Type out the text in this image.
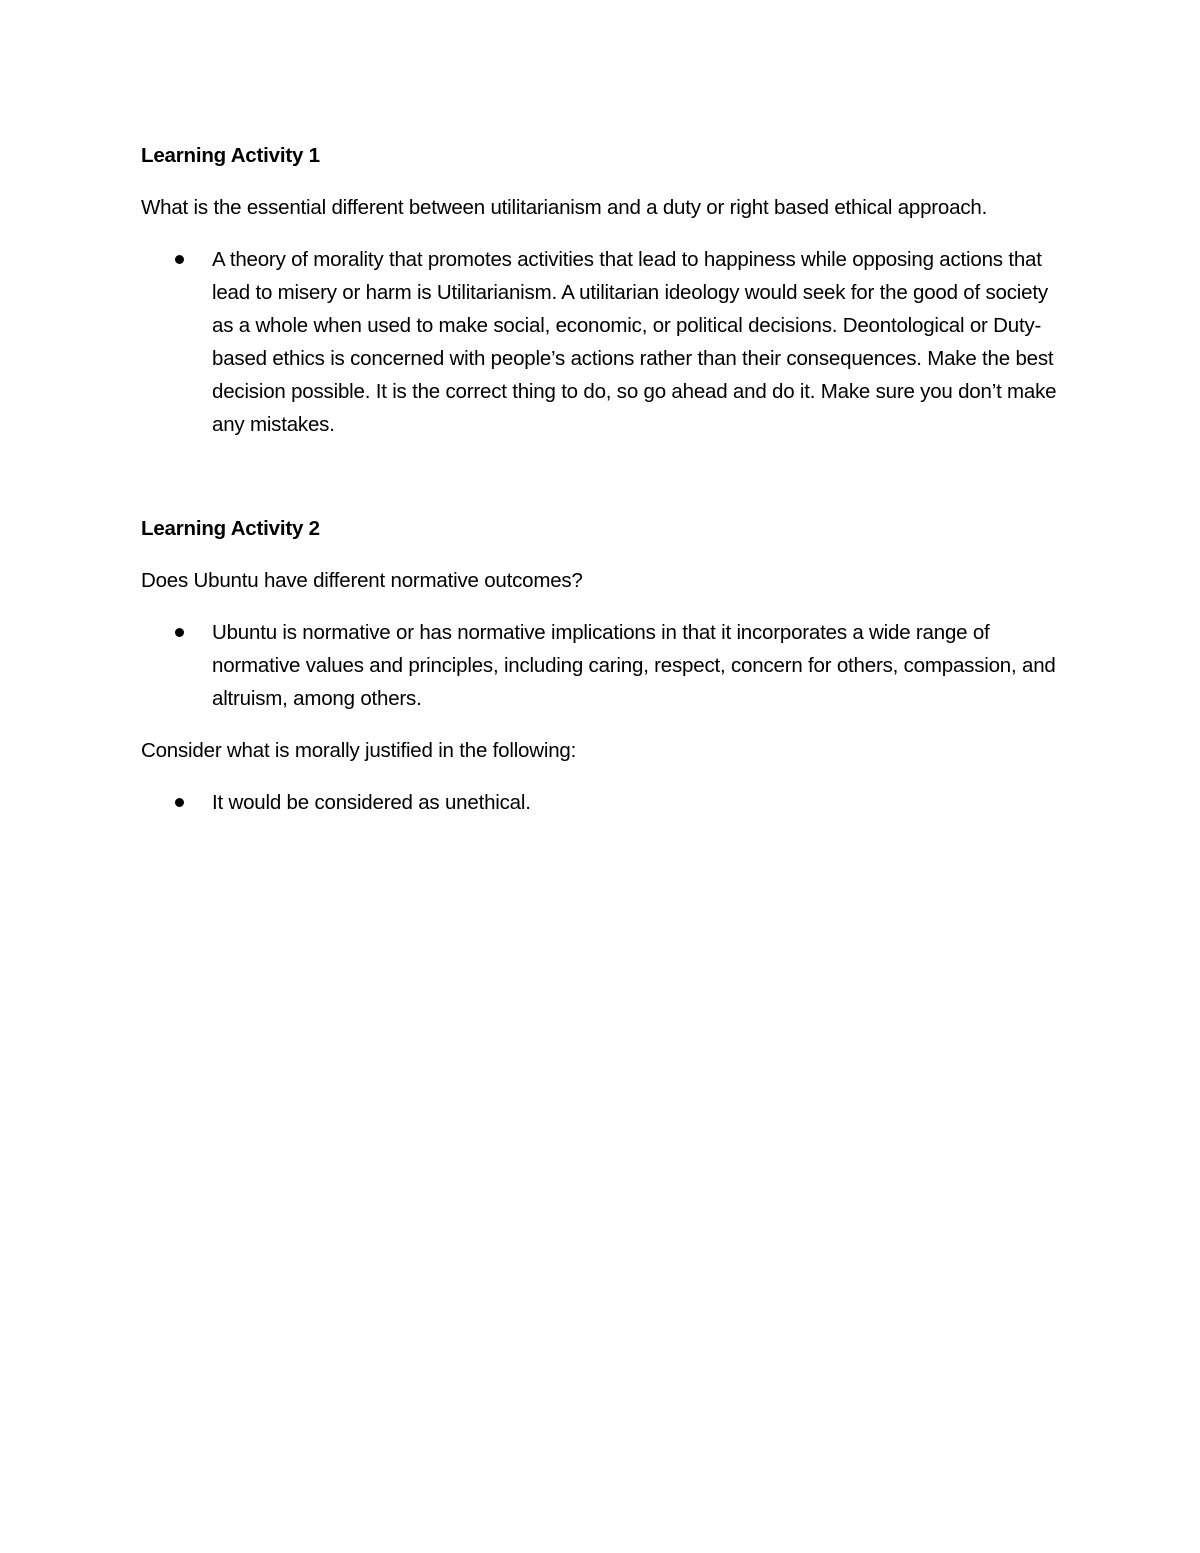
Learning Activity 1

What is the essential different between utilitarianism and a duty or right based ethical approach.

A theory of morality that promotes activities that lead to happiness while opposing actions that lead to misery or harm is Utilitarianism. A utilitarian ideology would seek for the good of society as a whole when used to make social, economic, or political decisions. Deontological or Duty-based ethics is concerned with people’s actions rather than their consequences. Make the best decision possible. It is the correct thing to do, so go ahead and do it. Make sure you don’t make any mistakes.

Learning Activity 2

Does Ubuntu have different normative outcomes?

Ubuntu is normative or has normative implications in that it incorporates a wide range of normative values and principles, including caring, respect, concern for others, compassion, and altruism, among others.

Consider what is morally justified in the following:

It would be considered as unethical.
